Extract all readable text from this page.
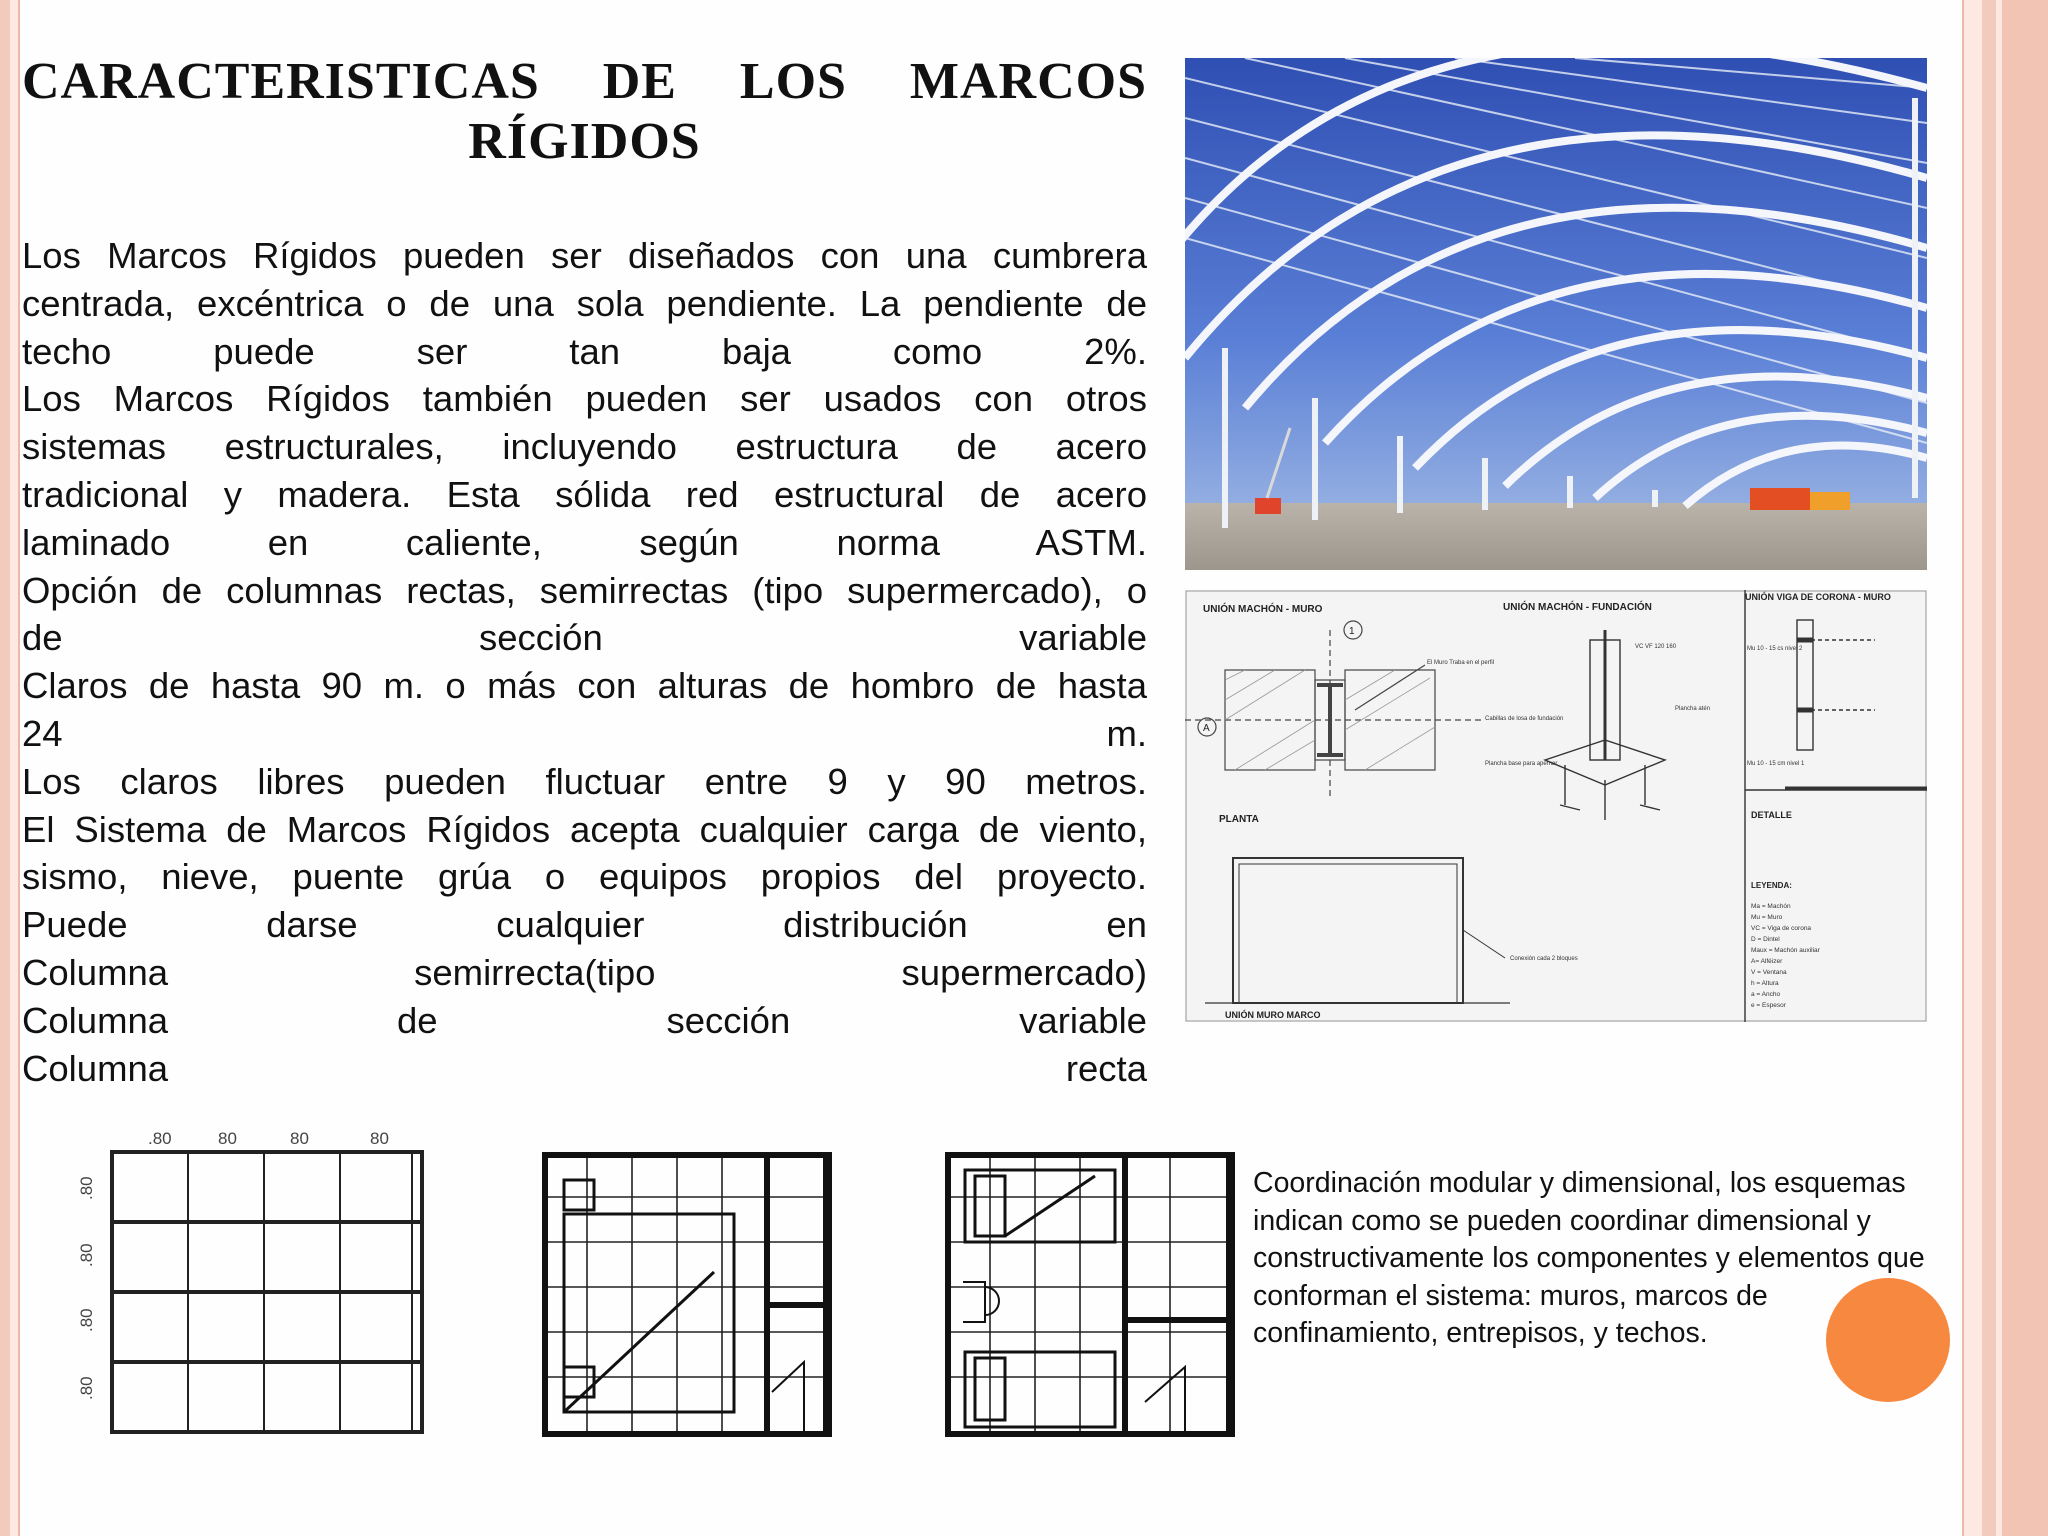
CARACTERISTICAS DE LOS MARCOS RÍGIDOS
Los Marcos Rígidos pueden ser diseñados con una cumbrera
centrada, excéntrica o de una sola pendiente. La pendiente de
techo puede ser tan baja como 2%.
Los Marcos Rígidos también pueden ser usados con otros
sistemas estructurales, incluyendo estructura de acero
tradicional y madera. Esta sólida red estructural de acero
laminado en caliente, según norma ASTM.
Opción de columnas rectas, semirrectas (tipo supermercado), o
de sección variable
Claros de hasta 90 m. o más con alturas de hombro de hasta
24 m.
Los claros libres pueden fluctuar entre 9 y 90 metros.
El Sistema de Marcos Rígidos acepta cualquier carga de viento,
sismo, nieve, puente grúa o equipos propios del proyecto.
Puede darse cualquier distribución en
Columna semirrecta(tipo supermercado)
Columna de sección variable
Columna recta
UNIÓN MACHÓN - MURO	UNIÓN MACHÓN - FUNDACIÓN
UNIÓN VIGA DE CORONA - MURO
1
A
El Muro Traba en el perfil
PLANTA
Cabillas de losa de fundación
Plancha base para apernar
Plancha atén
VC VF 120 160	Mu 10 - 15 cs nivel 2
Mu 10 - 15 cm nivel 1
DETALLE
LEYENDA:
Ma = Machón
Mu = Muro
VC = Viga de corona
D = Dintel
Maux = Machón auxiliar
A= Alféizer
V = Ventana
h = Altura
a = Ancho
e = Espesor
Conexión cada 2 bloques
UNIÓN MURO MARCO
.80	80	80	80
.80
.80
.80
.80
Coordinación modular y dimensional, los esquemas indican como se pueden coordinar dimensional y constructivamente los componentes y elementos que conforman el sistema: muros, marcos de confinamiento, entrepisos, y techos.
